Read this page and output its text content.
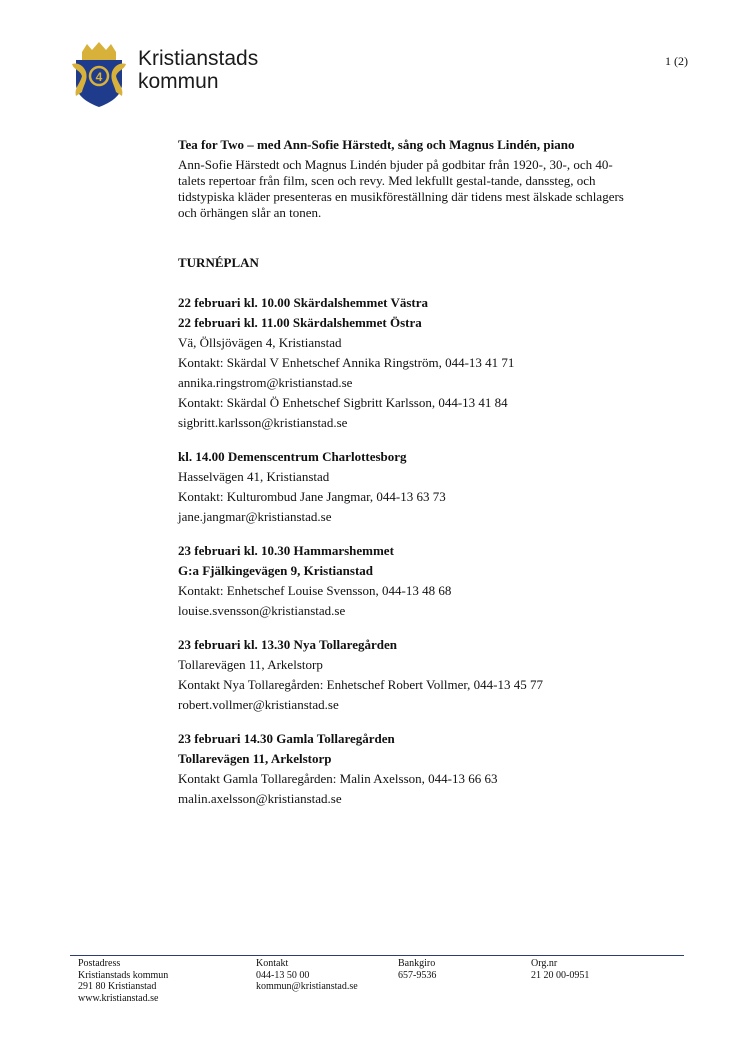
4
Kristianstads
kommun
1 (2)

Tea for Two – med Ann-Sofie Härstedt, sång och Magnus Lindén, piano

Ann-Sofie Härstedt och Magnus Lindén bjuder på godbitar från 1920-, 30-, och 40-talets repertoar från film, scen och revy. Med lekfullt gestal-tande, danssteg, och tidstypiska kläder presenteras en musikföreställning där tidens mest älskade schlagers och örhängen slår an tonen.

TURNÉPLAN

22 februari kl. 10.00 Skärdalshemmet Västra
22 februari kl. 11.00 Skärdalshemmet Östra
Vä, Öllsjövägen 4, Kristianstad
Kontakt: Skärdal V Enhetschef Annika Ringström, 044-13 41 71
annika.ringstrom@kristianstad.se
Kontakt: Skärdal Ö Enhetschef Sigbritt Karlsson, 044-13 41 84
sigbritt.karlsson@kristianstad.se
kl. 14.00 Demenscentrum Charlottesborg
Hasselvägen 41, Kristianstad
Kontakt: Kulturombud Jane Jangmar, 044-13 63 73
jane.jangmar@kristianstad.se
23 februari kl. 10.30 Hammarshemmet
G:a Fjälkingevägen 9, Kristianstad
Kontakt: Enhetschef Louise Svensson, 044-13 48 68
louise.svensson@kristianstad.se
23 februari kl. 13.30 Nya Tollaregården
Tollarevägen 11, Arkelstorp
Kontakt Nya Tollaregården: Enhetschef Robert Vollmer, 044-13 45 77
robert.vollmer@kristianstad.se
23 februari 14.30 Gamla Tollaregården
Tollarevägen 11, Arkelstorp
Kontakt Gamla Tollaregården: Malin Axelsson, 044-13 66 63
malin.axelsson@kristianstad.se
Postadress
Kristianstads kommun
291 80 Kristianstad
www.kristianstad.se
Kontakt
044-13 50 00
kommun@kristianstad.se
Bankgiro
657-9536
Org.nr
21 20 00-0951
